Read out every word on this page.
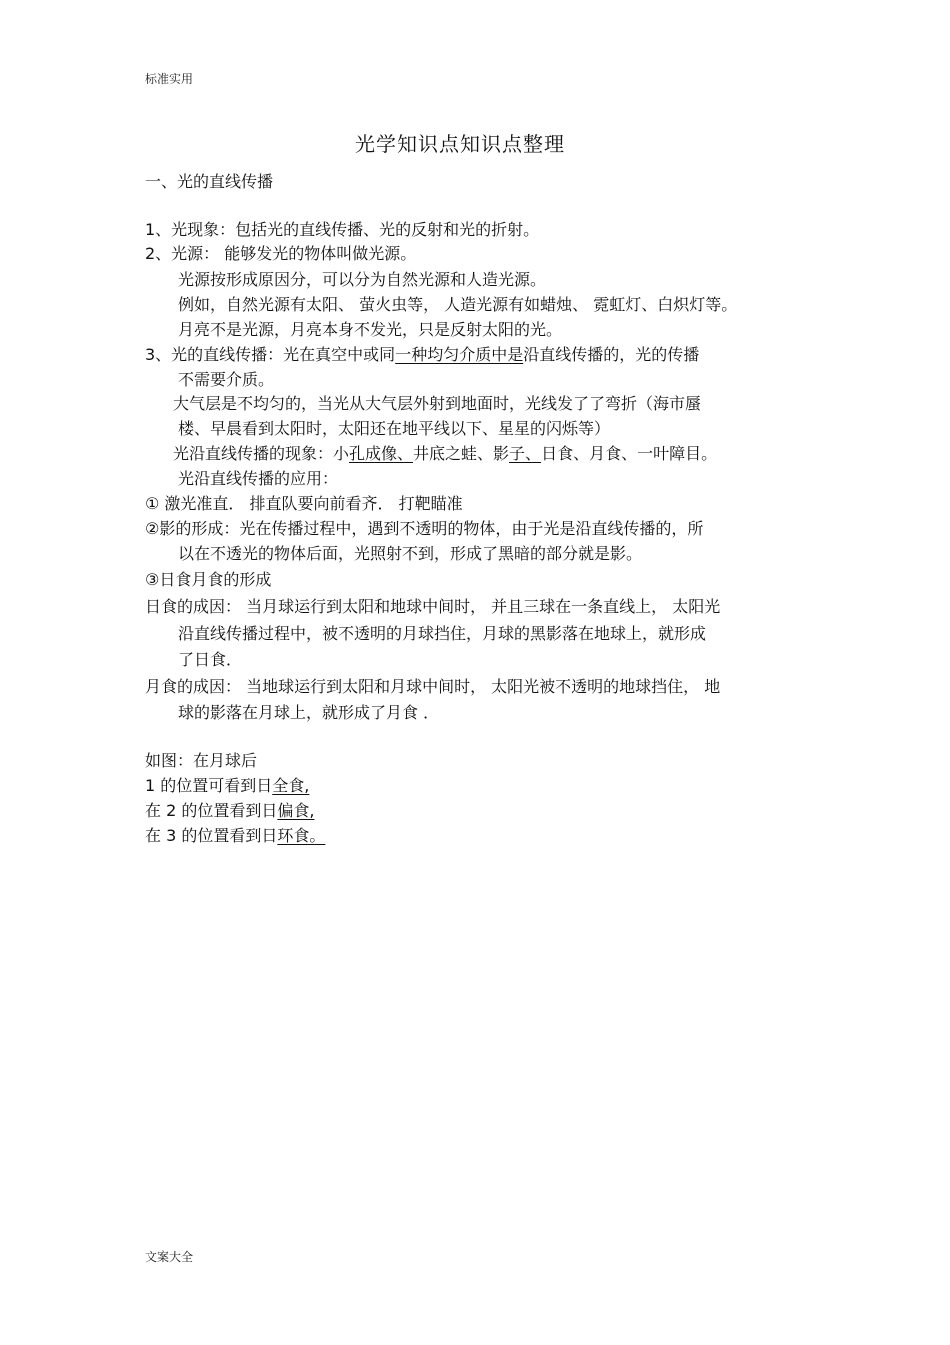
标准实用
光学知识点知识点整理
一、光的直线传播
1、光现象：包括光的直线传播、光的反射和光的折射。
2、光源： 能够发光的物体叫做光源。
光源按形成原因分，可以分为自然光源和人造光源。
例如，自然光源有太阳、 萤火虫等， 人造光源有如蜡烛、 霓虹灯、白炽灯等。
月亮不是光源，月亮本身不发光，只是反射太阳的光。
3、光的直线传播：光在真空中或同一种均匀介质中是沿直线传播的，光的传播
不需要介质。
大气层是不均匀的，当光从大气层外射到地面时，光线发了了弯折（海市蜃
楼、早晨看到太阳时，太阳还在地平线以下、星星的闪烁等）
光沿直线传播的现象：小孔成像、井底之蛙、影子、日食、月食、一叶障目。
光沿直线传播的应用：
① 激光准直． 排直队要向前看齐． 打靶瞄准
②影的形成：光在传播过程中，遇到不透明的物体，由于光是沿直线传播的，所
以在不透光的物体后面，光照射不到，形成了黑暗的部分就是影。
③日食月食的形成
日食的成因： 当月球运行到太阳和地球中间时， 并且三球在一条直线上， 太阳光
沿直线传播过程中，被不透明的月球挡住，月球的黑影落在地球上，就形成
了日食．
月食的成因： 当地球运行到太阳和月球中间时， 太阳光被不透明的地球挡住， 地
球的影落在月球上，就形成了月食 ．
如图：在月球后
1 的位置可看到日全食,
在 2 的位置看到日偏食,
在 3 的位置看到日环食。
文案大全
